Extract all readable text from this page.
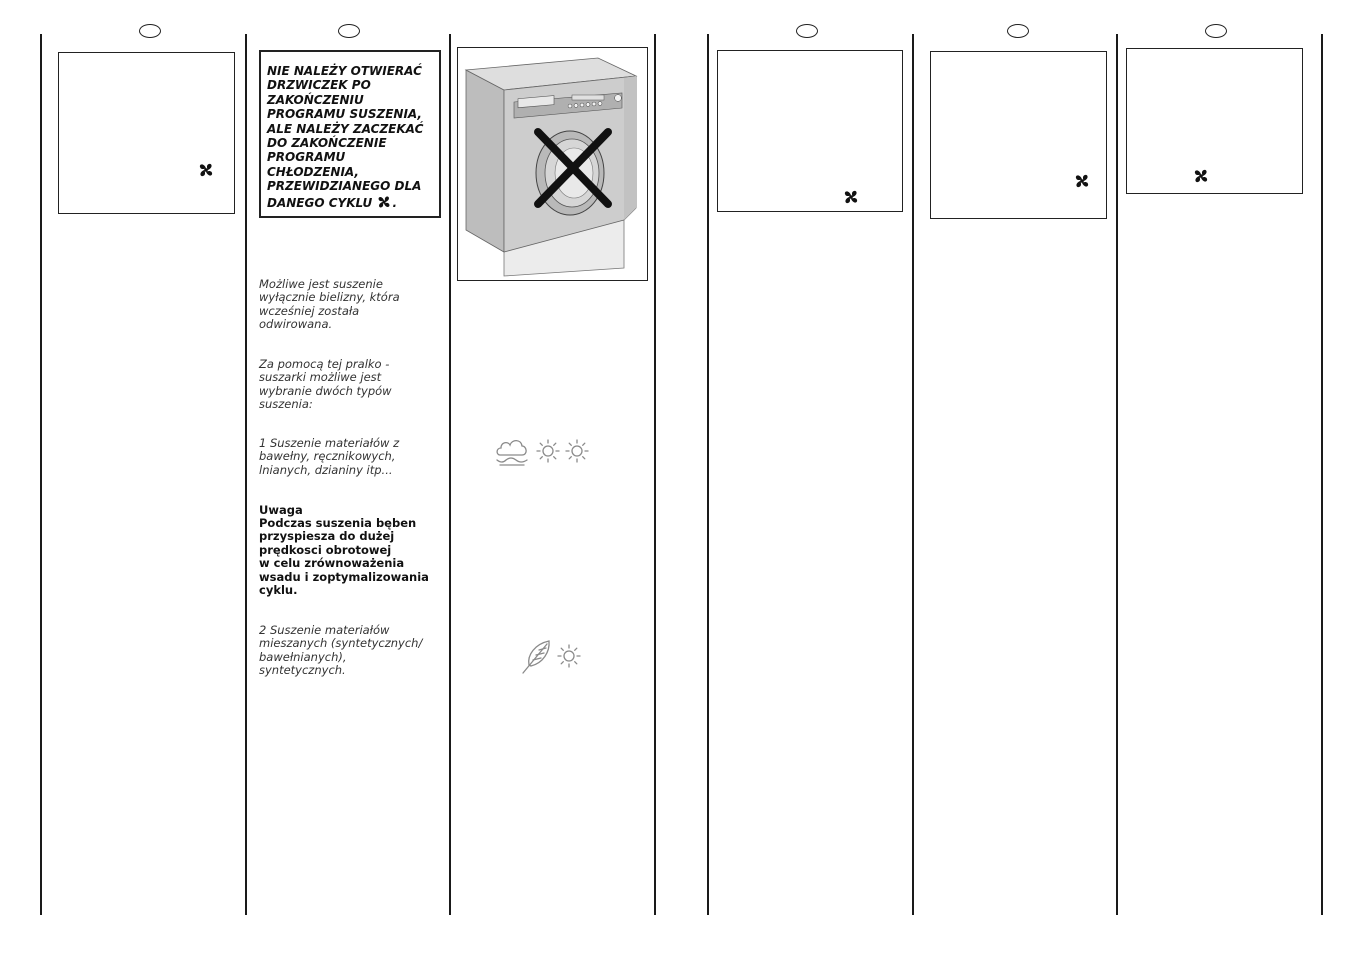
NIE NALEŻY OTWIERAĆ
DRZWICZEK PO
ZAKOŃCZENIU
PROGRAMU SUSZENIA,
ALE NALEŻY ZACZEKAĆ
DO ZAKOŃCZENIE
PROGRAMU
CHŁODZENIA,
PRZEWIDZIANEGO DLA
DANEGO CYKLU .
Możliwe jest suszenie
wyłącznie bielizny, która
wcześniej została
odwirowana.
Za pomocą tej pralko -
suszarki możliwe jest
wybranie dwóch typów
suszenia:
1 Suszenie materiałów z
bawełny, ręcznikowych,
lnianych, dzianiny itp...
Uwaga
Podczas suszenia bęben
przyspiesza do dużej
prędkosci obrotowej
w celu zrównoważenia
wsadu i zoptymalizowania
cyklu.
2 Suszenie materiałów
mieszanych (syntetycznych/
bawełnianych),
syntetycznych.
